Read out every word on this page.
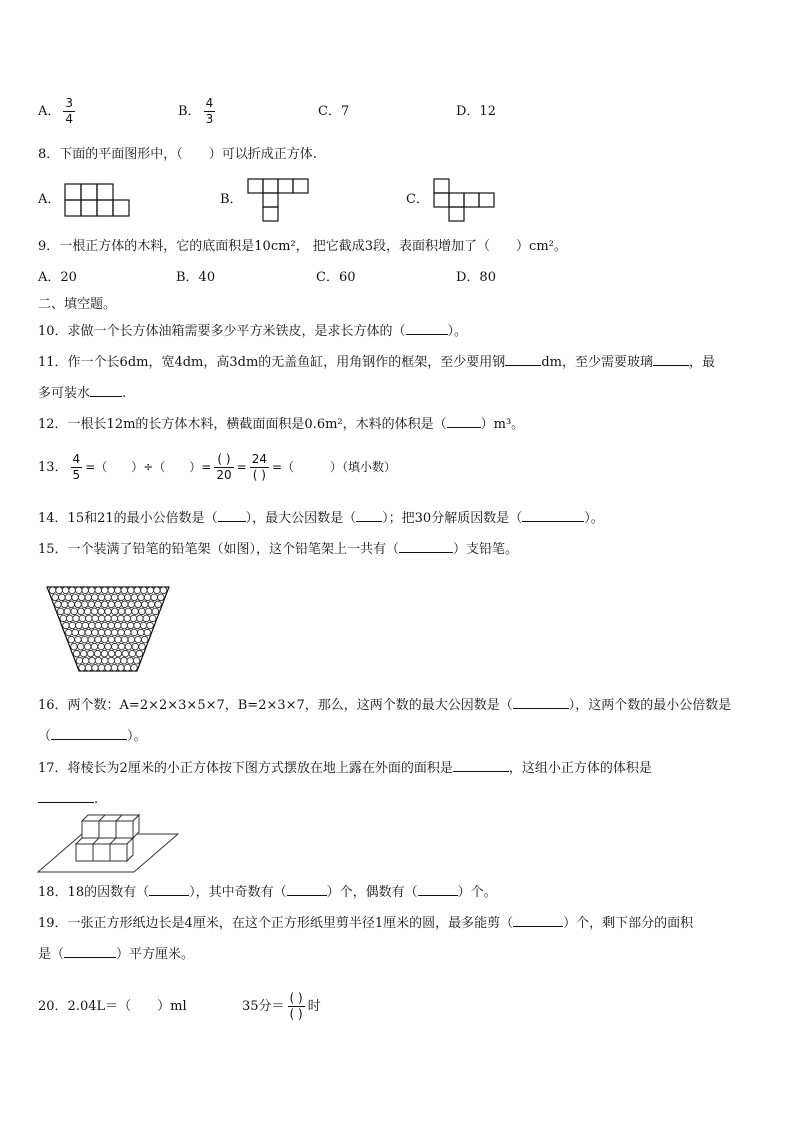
A． $\frac{3}{4}$	B． $\frac{4}{3}$	C．7	D．12
8．下面的平面图形中，（　　）可以折成正方体.
A．	B．	C．
9．一根正方体的木料，它的底面积是10cm²， 把它截成3段，表面积增加了（　　）cm²。
A．20	B．40	C．60	D．80
二、填空题。
10．求做一个长方体油箱需要多少平方米铁皮，是求长方体的（	）。
11．作一个长6dm，宽4dm，高3dm的无盖鱼缸，用角钢作的框架，至少要用钢	dm，至少需要玻璃	，最
多可装水 .
12．一根长12m的长方体木料，横截面面积是0.6m²，木料的体积是（	）m³。
13． $\frac{4}{5}$ =（　　）÷（　　）= $\frac{( )}{20} = \frac{24}{( )}$ =（　　　）（填小数）
14．15和21的最小公倍数是（ ），最大公因数是（ ）；把30分解质因数是（	）。
15．一个装满了铅笔的铅笔架（如图），这个铅笔架上一共有（	）支铅笔。
16．两个数：A=2×2×3×5×7，B=2×3×7，那么，这两个数的最大公因数是（	），这两个数的最小公倍数是
（	）。
17．将棱长为2厘米的小正方体按下图方式摆放在地上露在外面的面积是	，这组小正方体的体积是
.
18．18的因数有（	），其中奇数有（	）个，偶数有（	）个。
19．一张正方形纸边长是4厘米，在这个正方形纸里剪半径1厘米的圆，最多能剪（	）个，剩下部分的面积
是（	）平方厘米。
20．2.04L＝（　　）ml	35分＝ $\frac{( )}{( )}$ 时
